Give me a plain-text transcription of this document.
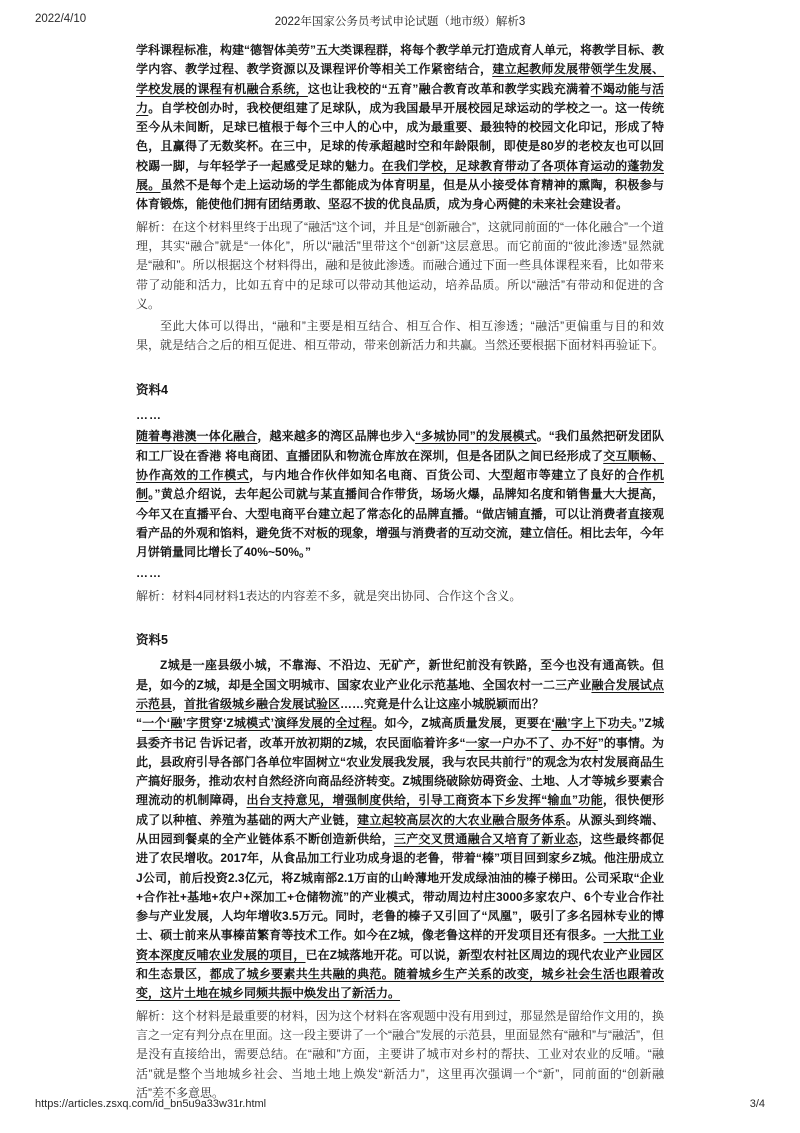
2022/4/10	2022年国家公务员考试申论试题（地市级）解析3

学科课程标准，构建“德智体美劳”五大类课程群，将每个教学单元打造成育人单元，将教学目标、教学内容、教学过程、教学资源以及课程评价等相关工作紧密结合，建立起教师发展带领学生发展、学校发展的课程有机融合系统，这也让我校的“五育”融合教育改革和教学实践充满着不竭动能与活力。自学校创办时，我校便组建了足球队，成为我国最早开展校园足球运动的学校之一。这一传统至今从未间断，足球已植根于每个三中人的心中，成为最重要、最独特的校园文化印记，形成了特色，且赢得了无数奖杯。在三中，足球的传承超越时空和年龄限制，即使是80岁的老校友也可以回校踢一脚，与年轻学子一起感受足球的魅力。在我们学校，足球教育带动了各项体育运动的蓬勃发展。虽然不是每个走上运动场的学生都能成为体育明星，但是从小接受体育精神的熏陶，积极参与体育锻炼，能使他们拥有团结勇敢、坚忍不拔的优良品质，成为身心两健的未来社会建设者。

解析：在这个材料里终于出现了“融活”这个词，并且是“创新融合”，这就同前面的“一体化融合”一个道理，其实“融合”就是“一体化”，所以“融活”里带这个“创新”这层意思。而它前面的“彼此渗透”显然就是“融和”。所以根据这个材料得出，融和是彼此渗透。而融合通过下面一些具体课程来看，比如带来带了动能和活力，比如五育中的足球可以带动其他运动，培养品质。所以“融活”有带动和促进的含义。

至此大体可以得出，“融和”主要是相互结合、相互合作、相互渗透；“融活”更偏重与目的和效果，就是结合之后的相互促进、相互带动，带来创新活力和共赢。当然还要根据下面材料再验证下。

资料4
……

随着粤港澳一体化融合，越来越多的湾区品牌也步入“多城协同”的发展模式。“我们虽然把研发团队和工厂设在香港 将电商团、直播团队和物流仓库放在深圳，但是各团队之间已经形成了交互顺畅、协作高效的工作模式，与内地合作伙伴如知名电商、百货公司、大型超市等建立了良好的合作机制。”黄总介绍说，去年起公司就与某直播间合作带货，场场火爆，品牌知名度和销售量大大提高，今年又在直播平台、大型电商平台建立起了常态化的品牌直播。“做店铺直播，可以让消费者直接观看产品的外观和馅料，避免货不对板的现象，增强与消费者的互动交流，建立信任。相比去年，今年月饼销量同比增长了40%~50%。”

……

解析：材料4同材料1表达的内容差不多，就是突出协同、合作这个含义。

资料5

Z城是一座县级小城，不靠海、不沿边、无矿产，新世纪前没有铁路，至今也没有通高铁。但是，如今的Z城，却是全国文明城市、国家农业产业化示范基地、全国农村一二三产业融合发展试点示范县，首批省级城乡融合发展试验区……究竟是什么让这座小城脱颖而出？

“一个‘融’字贯穿‘Z城模式’演绎发展的全过程。如今，Z城高质量发展，更要在‘融’字上下功夫。”Z城县委齐书记 告诉记者，改革开放初期的Z城，农民面临着许多“一家一户办不了、办不好”的事情。为此，县政府引导各部门各单位牢固树立“农业发展我发展，我与农民共前行”的观念为农村发展商品生产搞好服务，推动农村自然经济向商品经济转变。Z城围绕破除妨碍资金、土地、人才等城乡要素合理流动的机制障碍，出台支持意见，增强制度供给，引导工商资本下乡发挥“输血”功能，很快便形成了以种植、养殖为基础的两大产业链，建立起较高层次的大农业融合服务体系。从源头到终端、从田园到餐桌的全产业链体系不断创造新供给，三产交叉贯通融合又培育了新业态，这些最终都促进了农民增收。2017年，从食品加工行业功成身退的老鲁，带着“榛”项目回到家乡Z城。他注册成立J公司，前后投资2.3亿元，将Z城南部2.1万亩的山岭薄地开发成绿油油的榛子梯田。公司采取“企业+合作社+基地+农户+深加工+仓储物流”的产业模式，带动周边村庄3000多家农户、6个专业合作社参与产业发展，人均年增收3.5万元。同时，老鲁的榛子又引回了“凤凰”，吸引了多名园林专业的博士、硕士前来从事榛苗繁育等技术工作。如今在Z城，像老鲁这样的开发项目还有很多。一大批工业资本深度反哺农业发展的项目，已在Z城落地开花。可以说，新型农村社区周边的现代农业产业园区和生态景区，都成了城乡要素共生共融的典范。随着城乡生产关系的改变，城乡社会生活也跟着改变，这片土地在城乡同频共振中焕发出了新活力。

解析：这个材料是最重要的材料，因为这个材料在客观题中没有用到过，那显然是留给作文用的，换言之一定有判分点在里面。这一段主要讲了一个“融合”发展的示范县，里面显然有“融和”与“融活”，但是没有直接给出，需要总结。在“融和”方面，主要讲了城市对乡村的帮扶、工业对农业的反哺。“融活”就是整个当地城乡社会、当地土地上焕发“新活力”，这里再次强调一个“新”，同前面的“创新融活”差不多意思。

https://articles.zsxq.com/id_bn5u9a33w31r.html	3/4
